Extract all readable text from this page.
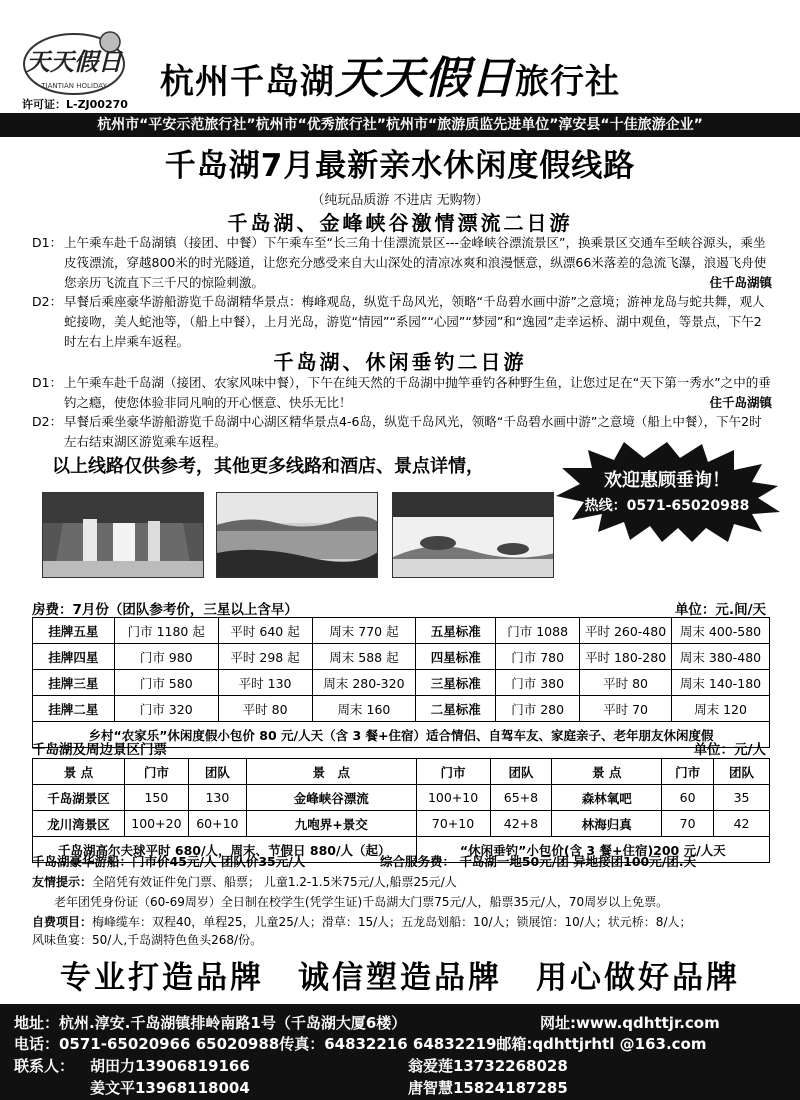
天天假日
TIANTIAN HOLIDAY 杭州千岛湖天天假日旅行社
许可证：L-ZJ00270
杭州市“平安示范旅行社”杭州市“优秀旅行社”杭州市“旅游质监先进单位”淳安县“十佳旅游企业”
千岛湖7月最新亲水休闲度假线路
（纯玩品质游 不进店 无购物）
千岛湖、金峰峡谷激情漂流二日游
D1： 上午乘车赴千岛湖镇（接团、中餐）下午乘车至“长三角十佳漂流景区---金峰峡谷漂流景区”，换乘景区交通车至峡谷源头，乘坐皮筏漂流，穿越800米的时光隧道，让您充分感受来自大山深处的清凉冰爽和浪漫惬意，纵漂66米落差的急流飞瀑，浪遏飞舟使您亲历飞流直下三千尺的惊险刺激。	住千岛湖镇
D2： 早餐后乘座豪华游船游览千岛湖精华景点：梅峰观岛，纵览千岛风光，领略“千岛碧水画中游”之意境；游神龙岛与蛇共舞，观人蛇接吻，美人蛇池等，（船上中餐），上月光岛，游览“情园”“系园”“心园”“梦园”和“逸园”走幸运桥、湖中观鱼，等景点，下午2时左右上岸乘车返程。
千岛湖、休闲垂钓二日游
D1： 上午乘车赴千岛湖（接团、农家风味中餐），下午在纯天然的千岛湖中抛竿垂钓各种野生鱼，让您过足在“天下第一秀水”之中的垂钓之瘾，使您体验非同凡响的开心惬意、快乐无比！	住千岛湖镇
D2： 早餐后乘坐豪华游船游览千岛湖中心湖区精华景点4-6岛，纵览千岛风光，领略“千岛碧水画中游”之意境（船上中餐），下午2时左右结束湖区游览乘车返程。
以上线路仅供参考，其他更多线路和酒店、景点详情，
欢迎惠顾垂询！
热线：0571-65020988
房费：7月份（团队参考价，三星以上含早）	单位：元.间/天
挂牌五星	门市 1180 起	平时 640 起	周末 770 起	五星标准	门市 1088	平时 260-480	周末 400-580
挂牌四星	门市 980	平时 298 起	周末 588 起	四星标准	门市 780	平时 180-280	周末 380-480
挂牌三星	门市 580	平时 130	周末 280-320	三星标准	门市 380	平时 80	周末 140-180
挂牌二星	门市 320	平时 80	周末 160	二星标准	门市 280	平时 70	周末 120
乡村“农家乐”休闲度假小包价 80 元/人天（含 3 餐+住宿）适合情侣、自驾车友、家庭亲子、老年朋友休闲度假							
千岛湖及周边景区门票	单位：元/人
景 点	门市	团队	景　点	门市	团队	景 点	门市	团队
千岛湖景区	150	130	金峰峡谷漂流	100+10	65+8	森林氧吧	60	35
龙川湾景区	100+20	60+10	九咆界+景交	70+10	42+8	林海归真	70	42
千岛湖高尔夫球平时 680/人，周末、节假日 880/人（起）				“休闲垂钓”小包价(含 3 餐+住宿)200 元/人天				
千岛湖豪华游船：门市价45元/人 团队价35元/人	综合服务费： 千岛湖一地50元/团 异地接团100元/团.天
友情提示：全陪凭有效证件免门票、船票； 儿童1.2-1.5米75元/人,船票25元/人
老年团凭身份证（60-69周岁）全日制在校学生(凭学生证)千岛湖大门票75元/人，船票35元/人，70周岁以上免票。
自费项目：梅峰缆车：双程40，单程25，儿童25/人；滑草：15/人；五龙岛划船：10/人；锁展馆：10/人；状元桥：8/人；
风味鱼宴：50/人,千岛湖特色鱼头268/份。
专业打造品牌　诚信塑造品牌　用心做好品牌
地址：杭州.淳安.千岛湖镇排岭南路1号（千岛湖大厦6楼）	网址:www.qdhttjr.com
电话：0571-65020966 65020988传真：64832216 64832219邮箱:qdhttjrhtl @163.com
联系人： 胡田力13906819166	翁爱莲13732268028
姜文平13968118004	唐智慧15824187285
